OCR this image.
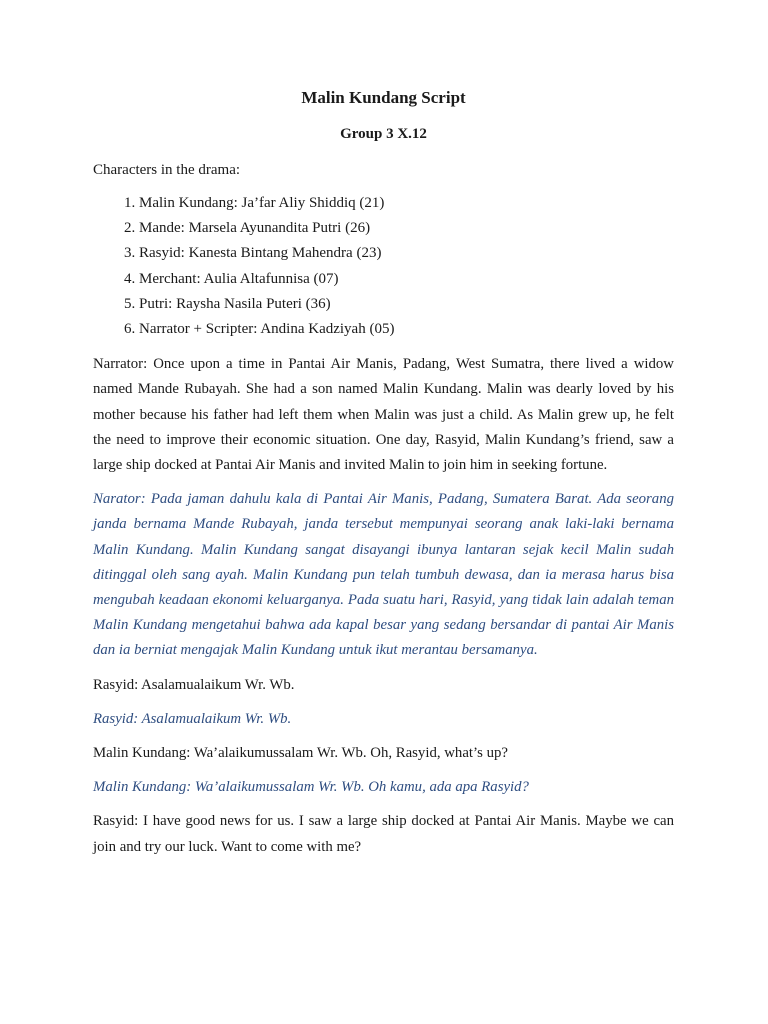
Malin Kundang Script
Group 3 X.12

Characters in the drama:

1. Malin Kundang: Ja’far Aliy Shiddiq (21)
2. Mande: Marsela Ayunandita Putri (26)
3. Rasyid: Kanesta Bintang Mahendra (23)
4. Merchant: Aulia Altafunnisa (07)
5. Putri: Raysha Nasila Puteri (36)
6. Narrator + Scripter: Andina Kadziyah (05)

Narrator: Once upon a time in Pantai Air Manis, Padang, West Sumatra, there lived a widow named Mande Rubayah. She had a son named Malin Kundang. Malin was dearly loved by his mother because his father had left them when Malin was just a child. As Malin grew up, he felt the need to improve their economic situation. One day, Rasyid, Malin Kundang’s friend, saw a large ship docked at Pantai Air Manis and invited Malin to join him in seeking fortune.

Narator: Pada jaman dahulu kala di Pantai Air Manis, Padang, Sumatera Barat. Ada seorang janda bernama Mande Rubayah, janda tersebut mempunyai seorang anak laki-laki bernama Malin Kundang. Malin Kundang sangat disayangi ibunya lantaran sejak kecil Malin sudah ditinggal oleh sang ayah. Malin Kundang pun telah tumbuh dewasa, dan ia merasa harus bisa mengubah keadaan ekonomi keluarganya. Pada suatu hari, Rasyid, yang tidak lain adalah teman Malin Kundang mengetahui bahwa ada kapal besar yang sedang bersandar di pantai Air Manis dan ia berniat mengajak Malin Kundang untuk ikut merantau bersamanya.

Rasyid: Asalamualaikum Wr. Wb.

Rasyid: Asalamualaikum Wr. Wb.

Malin Kundang: Wa’alaikumussalam Wr. Wb. Oh, Rasyid, what’s up?

Malin Kundang: Wa’alaikumussalam Wr. Wb. Oh kamu, ada apa Rasyid?

Rasyid: I have good news for us. I saw a large ship docked at Pantai Air Manis. Maybe we can join and try our luck. Want to come with me?
